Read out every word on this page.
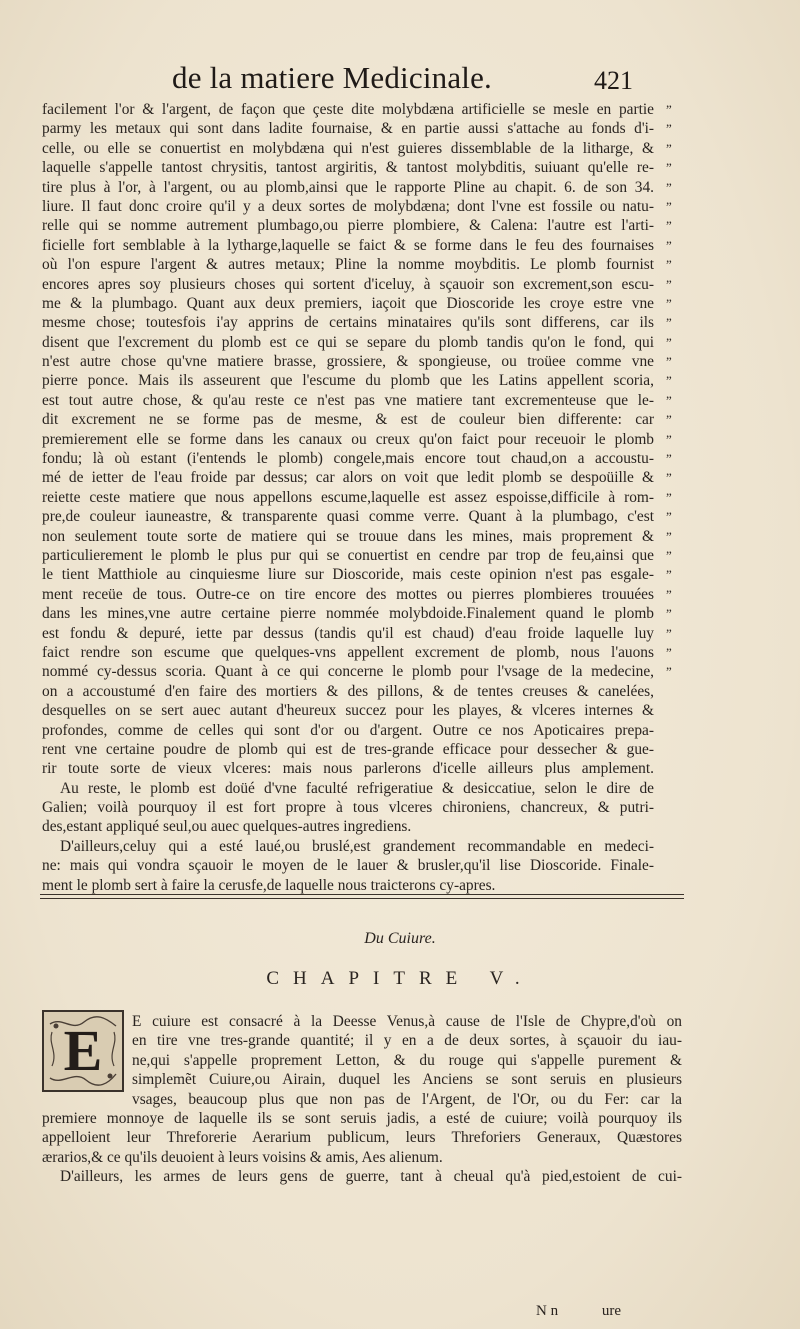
de la matiere Medicinale.	421
facilement l'or & l'argent, de façon que çeste dite molybdæna artificielle se mesle en partie
parmy les metaux qui sont dans ladite fournaise, & en partie aussi s'attache au fonds d'i-
celle, ou elle se conuertist en molybdæna qui n'est guieres dissemblable de la litharge, &
laquelle s'appelle tantost chrysitis, tantost argiritis, & tantost molybditis, suiuant qu'elle re-
tire plus à l'or, à l'argent, ou au plomb,ainsi que le rapporte Pline au chapit. 6. de son 34.
liure. Il faut donc croire qu'il y a deux sortes de molybdæna; dont l'vne est fossile ou natu-
relle qui se nomme autrement plumbago,ou pierre plombiere, & Calena: l'autre est l'arti-
ficielle fort semblable à la lytharge,laquelle se faict & se forme dans le feu des fournaises
où l'on espure l'argent & autres metaux; Pline la nomme moybditis. Le plomb fournist
encores apres soy plusieurs choses qui sortent d'iceluy, à sçauoir son excrement,son escu-
me & la plumbago. Quant aux deux premiers, iaçoit que Dioscoride les croye estre vne
mesme chose; toutesfois i'ay apprins de certains minataires qu'ils sont differens, car ils
disent que l'excrement du plomb est ce qui se separe du plomb tandis qu'on le fond, qui
n'est autre chose qu'vne matiere brasse, grossiere, & spongieuse, ou troüee comme vne
pierre ponce. Mais ils asseurent que l'escume du plomb que les Latins appellent scoria,
est tout autre chose, & qu'au reste ce n'est pas vne matiere tant excrementeuse que le-
dit excrement ne se forme pas de mesme, & est de couleur bien differente: car
premierement elle se forme dans les canaux ou creux qu'on faict pour receuoir le plomb
fondu; là où estant (i'entends le plomb) congele,mais encore tout chaud,on a accoustu-
mé de ietter de l'eau froide par dessus; car alors on voit que ledit plomb se despoüille &
reiette ceste matiere que nous appellons escume,laquelle est assez espoisse,difficile à rom-
pre,de couleur iauneastre, & transparente quasi comme verre. Quant à la plumbago, c'est
non seulement toute sorte de matiere qui se trouue dans les mines, mais proprement &
particulierement le plomb le plus pur qui se conuertist en cendre par trop de feu,ainsi que
le tient Matthiole au cinquiesme liure sur Dioscoride, mais ceste opinion n'est pas esgale-
ment receüe de tous. Outre-ce on tire encore des mottes ou pierres plombieres trouuées
dans les mines,vne autre certaine pierre nommée molybdoide.Finalement quand le plomb
est fondu & depuré, iette par dessus (tandis qu'il est chaud) d'eau froide laquelle luy
faict rendre son escume que quelques-vns appellent excrement de plomb, nous l'auons
nommé cy-dessus scoria. Quant à ce qui concerne le plomb pour l'vsage de la medecine,
on a accoustumé d'en faire des mortiers & des pillons, & de tentes creuses & canelées,
desquelles on se sert auec autant d'heureux succez pour les playes, & vlceres internes &
profondes, comme de celles qui sont d'or ou d'argent. Outre ce nos Apoticaires prepa-
rent vne certaine poudre de plomb qui est de tres-grande efficace pour dessecher & gue-
rir toute sorte de vieux vlceres: mais nous parlerons d'icelle ailleurs plus amplement.
Au reste, le plomb est doüé d'vne faculté refrigeratiue & desiccatiue, selon le dire de
Galien; voilà pourquoy il est fort propre à tous vlceres chironiens, chancreux, & putri-
des,estant appliqué seul,ou auec quelques-autres ingrediens.
D'ailleurs,celuy qui a esté laué,ou bruslé,est grandement recommandable en medeci-
ne: mais qui vondra sçauoir le moyen de le lauer & brusler,qu'il lise Dioscoride. Finale-
ment le plomb sert à faire la cerusfe,de laquelle nous traicterons cy-apres.
”
”
”
”
”
”
”
”
”
”
”
”
”
”
”
”
”
”
”
”
”
”
”
”
”
”
”
”
”
”
Du Cuiure.
CHAPITRE V.
E	E cuiure est consacré à la Deesse Venus,à cause de l'Isle de Chypre,d'où on
en tire vne tres-grande quantité; il y en a de deux sortes, à sçauoir du iau-
ne,qui s'appelle proprement Letton, & du rouge qui s'appelle purement &
simplemẽt Cuiure,ou Airain, duquel les Anciens se sont seruis en plusieurs
vsages, beaucoup plus que non pas de l'Argent, de l'Or, ou du Fer: car la
premiere monnoye de laquelle ils se sont seruis jadis, a esté de cuiure; voilà pourquoy ils
appelloient leur Threforerie Aerarium publicum, leurs Threforiers Generaux, Quæstores
ærarios,& ce qu'ils deuoient à leurs voisins & amis, Aes alienum.
D'ailleurs, les armes de leurs gens de guerre, tant à cheual qu'à pied,estoient de cui-
N n	ure
